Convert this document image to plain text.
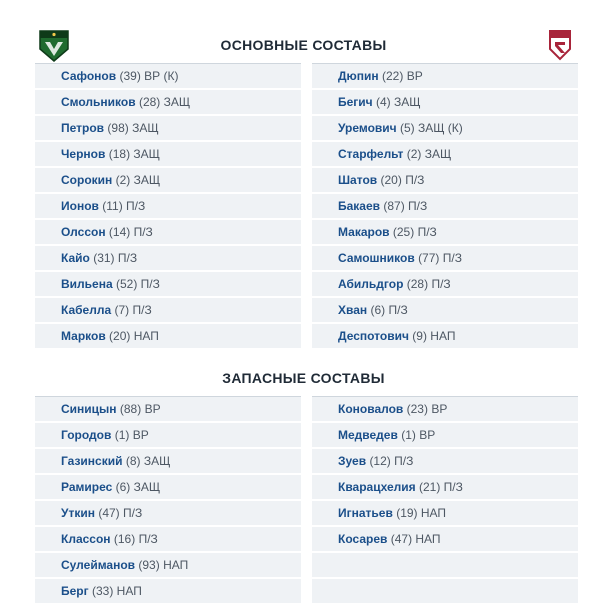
ОСНОВНЫЕ СОСТАВЫ
Сафонов (39) ВР (К)
Смольников (28) ЗАЩ
Петров (98) ЗАЩ
Чернов (18) ЗАЩ
Сорокин (2) ЗАЩ
Ионов (11) П/З
Олссон (14) П/З
Кайо (31) П/З
Вильена (52) П/З
Кабелла (7) П/З
Марков (20) НАП
Дюпин (22) ВР
Бегич (4) ЗАЩ
Уремович (5) ЗАЩ (К)
Старфельт (2) ЗАЩ
Шатов (20) П/З
Бакаев (87) П/З
Макаров (25) П/З
Самошников (77) П/З
Абильдгор (28) П/З
Хван (6) П/З
Деспотович (9) НАП
ЗАПАСНЫЕ СОСТАВЫ
Синицын (88) ВР
Городов (1) ВР
Газинский (8) ЗАЩ
Рамирес (6) ЗАЩ
Уткин (47) П/З
Классон (16) П/З
Сулейманов (93) НАП
Берг (33) НАП
Коновалов (23) ВР
Медведев (1) ВР
Зуев (12) П/З
Кварацхелия (21) П/З
Игнатьев (19) НАП
Косарев (47) НАП
